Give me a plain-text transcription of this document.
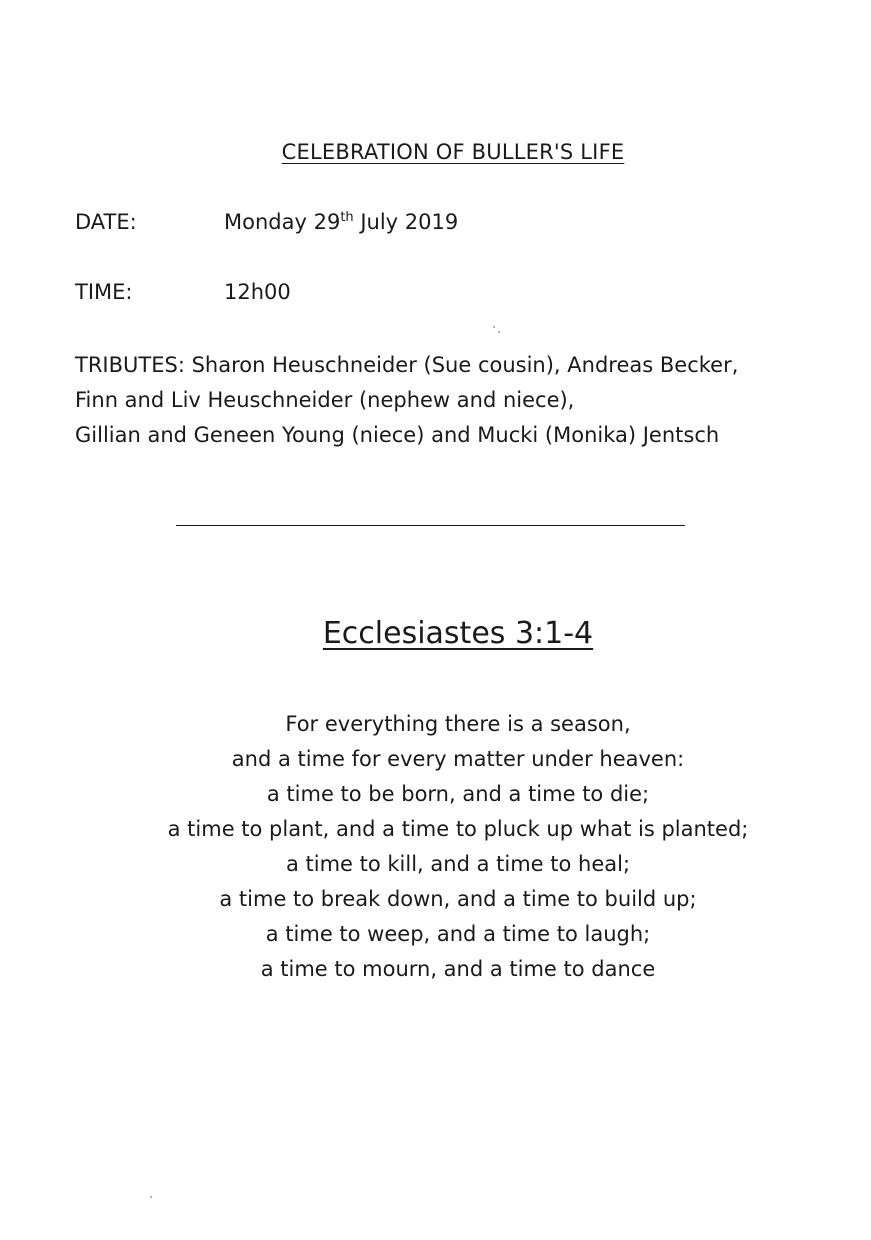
CELEBRATION OF BULLER'S LIFE
DATE:	Monday 29th July 2019
TIME:	12h00
TRIBUTES: Sharon Heuschneider (Sue cousin), Andreas Becker,
Finn and Liv Heuschneider (nephew and niece),
Gillian and Geneen Young (niece) and Mucki (Monika) Jentsch
Ecclesiastes 3:1-4
For everything there is a season,
and a time for every matter under heaven:
a time to be born, and a time to die;
a time to plant, and a time to pluck up what is planted;
a time to kill, and a time to heal;
a time to break down, and a time to build up;
a time to weep, and a time to laugh;
a time to mourn, and a time to dance
